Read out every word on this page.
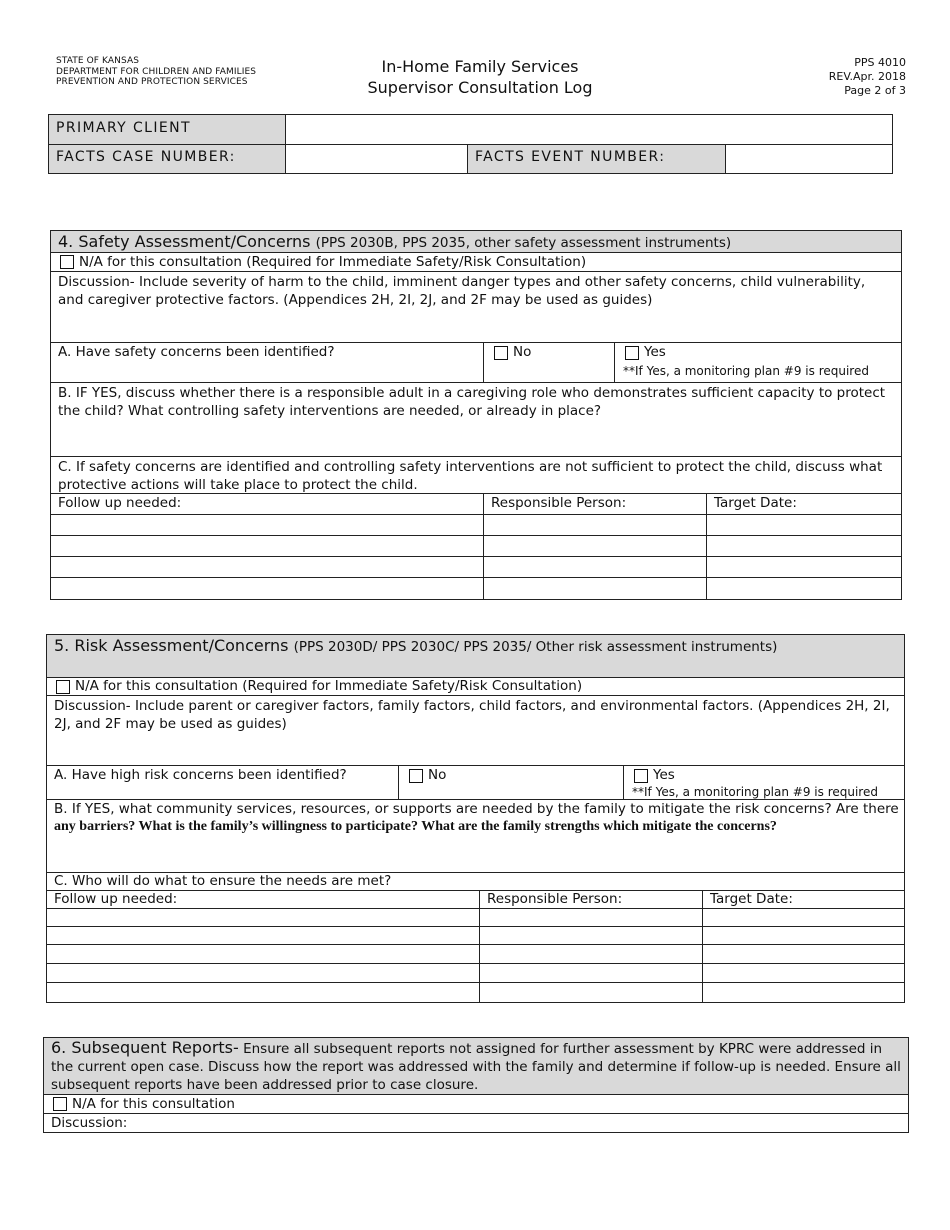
STATE OF KANSAS
DEPARTMENT FOR CHILDREN AND FAMILIES
PREVENTION AND PROTECTION SERVICES
In-Home Family Services
Supervisor Consultation Log
PPS 4010
REV.Apr. 2018
Page 2 of 3
PRIMARY CLIENT
FACTS CASE NUMBER:	FACTS EVENT NUMBER:
4. Safety Assessment/Concerns (PPS 2030B, PPS 2035, other safety assessment instruments)
N/A for this consultation (Required for Immediate Safety/Risk Consultation)
Discussion- Include severity of harm to the child, imminent danger types and other safety concerns, child vulnerability, and caregiver protective factors. (Appendices 2H, 2I, 2J, and 2F may be used as guides)
A. Have safety concerns been identified?	No	Yes
**If Yes, a monitoring plan #9 is required
B. IF YES, discuss whether there is a responsible adult in a caregiving role who demonstrates sufficient capacity to protect the child? What controlling safety interventions are needed, or already in place?
C. If safety concerns are identified and controlling safety interventions are not sufficient to protect the child, discuss what protective actions will take place to protect the child.
Follow up needed:	Responsible Person:	Target Date:
5. Risk Assessment/Concerns (PPS 2030D/ PPS 2030C/ PPS 2035/ Other risk assessment instruments)
N/A for this consultation (Required for Immediate Safety/Risk Consultation)
Discussion- Include parent or caregiver factors, family factors, child factors, and environmental factors. (Appendices 2H, 2I, 2J, and 2F may be used as guides)
A. Have high risk concerns been identified?	No	Yes
**If Yes, a monitoring plan #9 is required
B. If YES, what community services, resources, or supports are needed by the family to mitigate the risk concerns? Are there
any barriers? What is the family’s willingness to participate? What are the family strengths which mitigate the concerns?
C. Who will do what to ensure the needs are met?
Follow up needed:	Responsible Person:	Target Date:
6. Subsequent Reports- Ensure all subsequent reports not assigned for further assessment by KPRC were addressed in the current open case. Discuss how the report was addressed with the family and determine if follow-up is needed. Ensure all subsequent reports have been addressed prior to case closure.
N/A for this consultation
Discussion:
